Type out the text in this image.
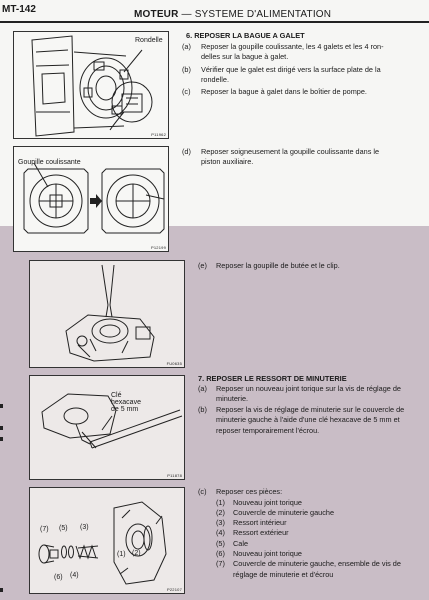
MT-142	MOTEUR — SYSTEME D'ALIMENTATION
Rondelle
P11962
Goupille coulissante
P12199
FU0635
Clé
hexacave
de 5 mm
P11878
(7) (5) (3)
(6) (4)
(1) (2)
P22107
6. REPOSER LA BAGUE A GALET
(a) Reposer la goupille coulissante, les 4 galets et les 4 ron-
delles sur la bague à galet.
(b) Vérifier que le galet est dirigé vers la surface plate de la
rondelle.
(c) Reposer la bague à galet dans le boîtier de pompe.
(d) Reposer soigneusement la goupille coulissante dans le
piston auxiliaire.
(e) Reposer la goupille de butée et le clip.
7. REPOSER LE RESSORT DE MINUTERIE
(a) Reposer un nouveau joint torique sur la vis de réglage de
minuterie.
(b) Reposer la vis de réglage de minuterie sur le couvercle de
minuterie gauche à l'aide d'une clé hexacave de 5 mm et
reposer temporairement l'écrou.
(c) Reposer ces pièces:
(1) Nouveau joint torique
(2) Couvercle de minuterie gauche
(3) Ressort intérieur
(4) Ressort extérieur
(5) Cale
(6) Nouveau joint torique
(7) Couvercle de minuterie gauche, ensemble de vis de
réglage de minuterie et d'écrou
